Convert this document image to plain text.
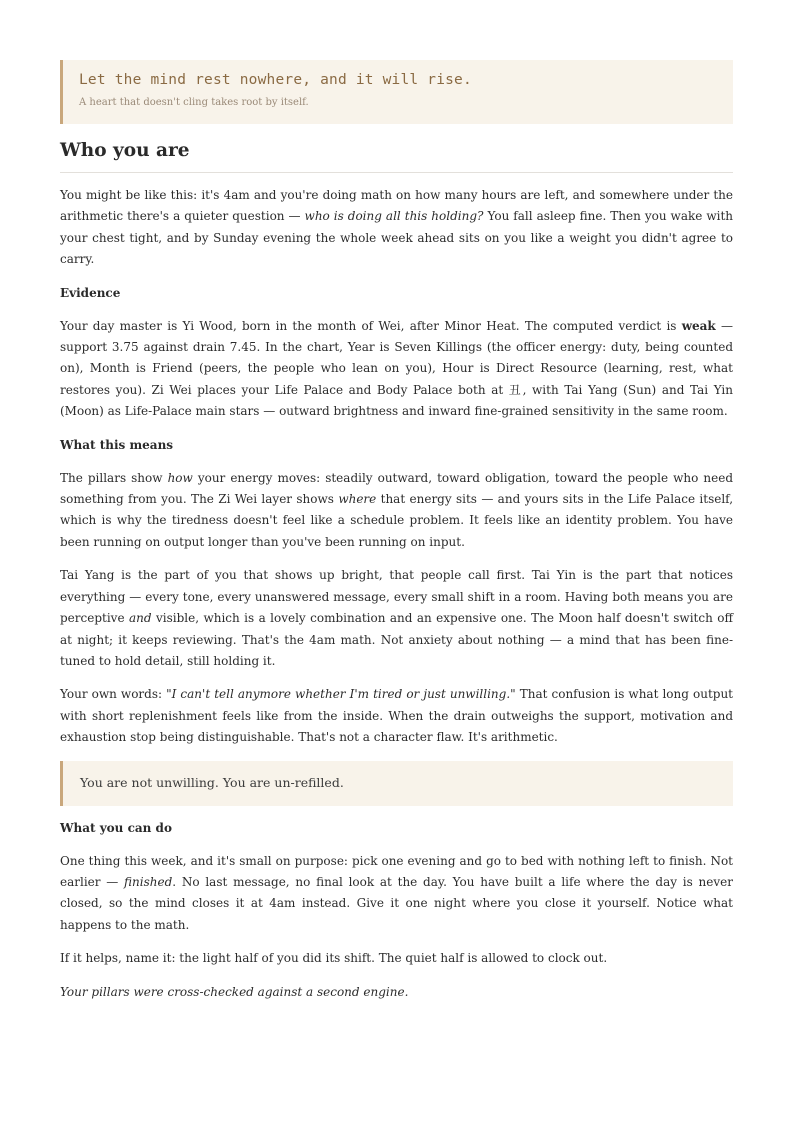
Let the mind rest nowhere, and it will rise.
A heart that doesn't cling takes root by itself.
Who you are

You might be like this: it's 4am and you're doing math on how many hours are left, and somewhere under the arithmetic there's a quieter question — who is doing all this holding? You fall asleep fine. Then you wake with your chest tight, and by Sunday evening the whole week ahead sits on you like a weight you didn't agree to carry.

Evidence

Your day master is Yi Wood, born in the month of Wei, after Minor Heat. The computed verdict is weak — support 3.75 against drain 7.45. In the chart, Year is Seven Killings (the officer energy: duty, being counted on), Month is Friend (peers, the people who lean on you), Hour is Direct Resource (learning, rest, what restores you). Zi Wei places your Life Palace and Body Palace both at 丑, with Tai Yang (Sun) and Tai Yin (Moon) as Life-Palace main stars — outward brightness and inward fine-grained sensitivity in the same room.

What this means

The pillars show how your energy moves: steadily outward, toward obligation, toward the people who need something from you. The Zi Wei layer shows where that energy sits — and yours sits in the Life Palace itself, which is why the tiredness doesn't feel like a schedule problem. It feels like an identity problem. You have been running on output longer than you've been running on input.

Tai Yang is the part of you that shows up bright, that people call first. Tai Yin is the part that notices everything — every tone, every unanswered message, every small shift in a room. Having both means you are perceptive and visible, which is a lovely combination and an expensive one. The Moon half doesn't switch off at night; it keeps reviewing. That's the 4am math. Not anxiety about nothing — a mind that has been fine-tuned to hold detail, still holding it.

Your own words: "I can't tell anymore whether I'm tired or just unwilling." That confusion is what long output with short replenishment feels like from the inside. When the drain outweighs the support, motivation and exhaustion stop being distinguishable. That's not a character flaw. It's arithmetic.

You are not unwilling. You are un-refilled.
What you can do

One thing this week, and it's small on purpose: pick one evening and go to bed with nothing left to finish. Not earlier — finished. No last message, no final look at the day. You have built a life where the day is never closed, so the mind closes it at 4am instead. Give it one night where you close it yourself. Notice what happens to the math.

If it helps, name it: the light half of you did its shift. The quiet half is allowed to clock out.

Your pillars were cross-checked against a second engine.
